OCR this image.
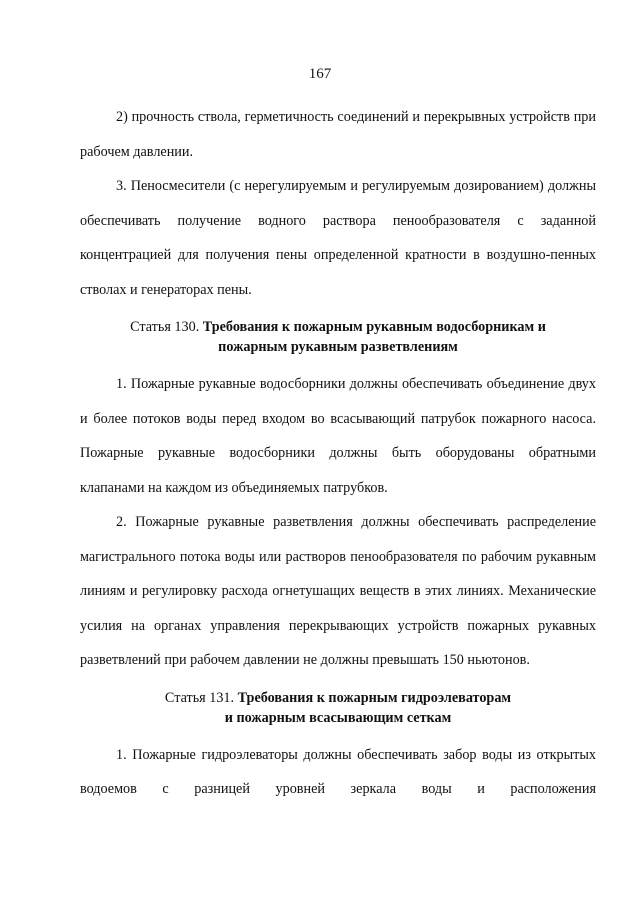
167

2) прочность ствола, герметичность соединений и перекрывных устройств при рабочем давлении.

3. Пеносмесители (с нерегулируемым и регулируемым дозированием) должны обеспечивать получение водного раствора пенообразователя с заданной концентрацией для получения пены определенной кратности в воздушно-пенных стволах и генераторах пены.

Статья 130. Требования к пожарным рукавным водосборникам и
пожарным рукавным разветвлениям

1. Пожарные рукавные водосборники должны обеспечивать объединение двух и более потоков воды перед входом во всасывающий патрубок пожарного насоса. Пожарные рукавные водосборники должны быть оборудованы обратными клапанами на каждом из объединяемых патрубков.

2. Пожарные рукавные разветвления должны обеспечивать распределение магистрального потока воды или растворов пенообразователя по рабочим рукавным линиям и регулировку расхода огнетушащих веществ в этих линиях. Механические усилия на органах управления перекрывающих устройств пожарных рукавных разветвлений при рабочем давлении не должны превышать 150 ньютонов.

Статья 131. Требования к пожарным гидроэлеваторам
и пожарным всасывающим сеткам

1. Пожарные гидроэлеваторы должны обеспечивать забор воды из открытых водоемов с разницей уровней зеркала воды и расположения
